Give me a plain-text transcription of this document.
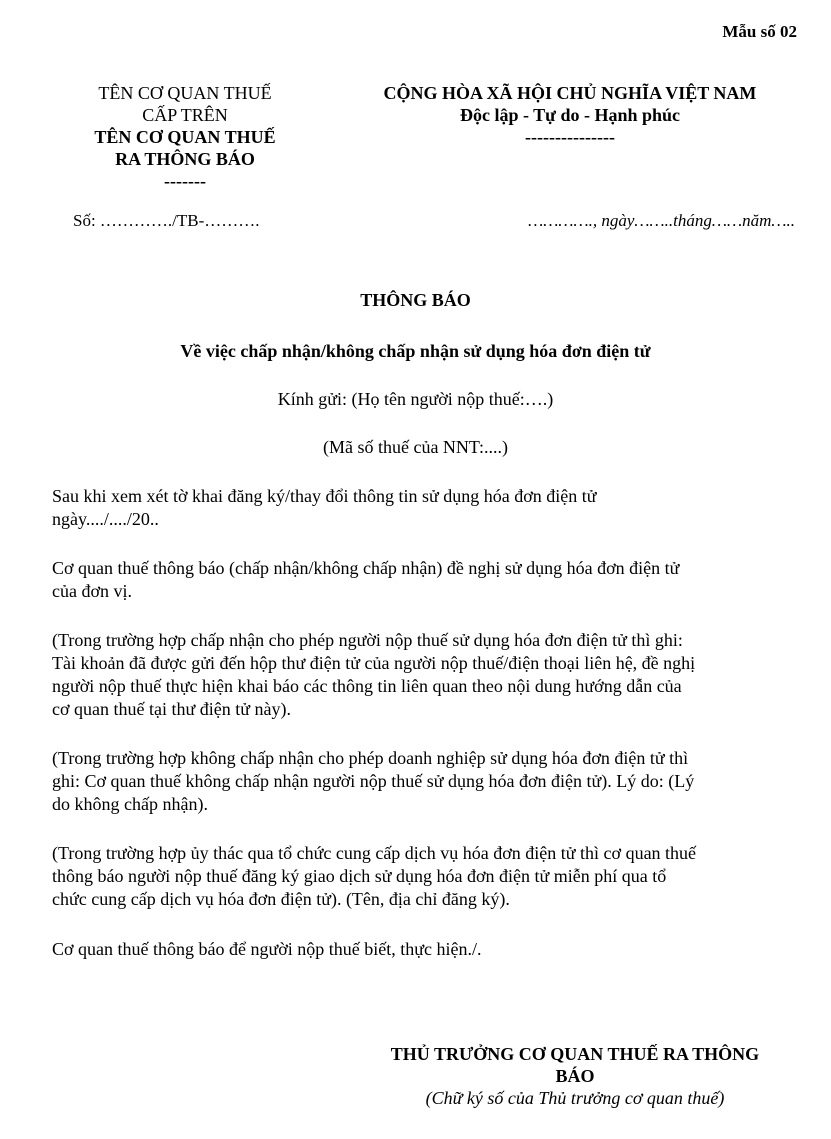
Mẫu số 02
TÊN CƠ QUAN THUẾ
CẤP TRÊN
TÊN CƠ QUAN THUẾ
RA THÔNG BÁO
-------
CỘNG HÒA XÃ HỘI CHỦ NGHĨA VIỆT NAM
Độc lập - Tự do - Hạnh phúc
---------------
Số: …………./TB-……….	…………., ngày……..tháng……năm…..
THÔNG BÁO
Về việc chấp nhận/không chấp nhận sử dụng hóa đơn điện tử
Kính gửi: (Họ tên người nộp thuế:….)
(Mã số thuế của NNT:....)
Sau khi xem xét tờ khai đăng ký/thay đổi thông tin sử dụng hóa đơn điện tử
ngày..../..../20..
Cơ quan thuế thông báo (chấp nhận/không chấp nhận) đề nghị sử dụng hóa đơn điện tử
của đơn vị.
(Trong trường hợp chấp nhận cho phép người nộp thuế sử dụng hóa đơn điện tử thì ghi:
Tài khoản đã được gửi đến hộp thư điện tử của người nộp thuế/điện thoại liên hệ, đề nghị
người nộp thuế thực hiện khai báo các thông tin liên quan theo nội dung hướng dẫn của
cơ quan thuế tại thư điện tử này).
(Trong trường hợp không chấp nhận cho phép doanh nghiệp sử dụng hóa đơn điện tử thì
ghi: Cơ quan thuế không chấp nhận người nộp thuế sử dụng hóa đơn điện tử). Lý do: (Lý
do không chấp nhận).
(Trong trường hợp ủy thác qua tổ chức cung cấp dịch vụ hóa đơn điện tử thì cơ quan thuế
thông báo người nộp thuế đăng ký giao dịch sử dụng hóa đơn điện tử miễn phí qua tổ
chức cung cấp dịch vụ hóa đơn điện tử). (Tên, địa chỉ đăng ký).
Cơ quan thuế thông báo để người nộp thuế biết, thực hiện./.
THỦ TRƯỞNG CƠ QUAN THUẾ RA THÔNG
BÁO
(Chữ ký số của Thủ trưởng cơ quan thuế)
